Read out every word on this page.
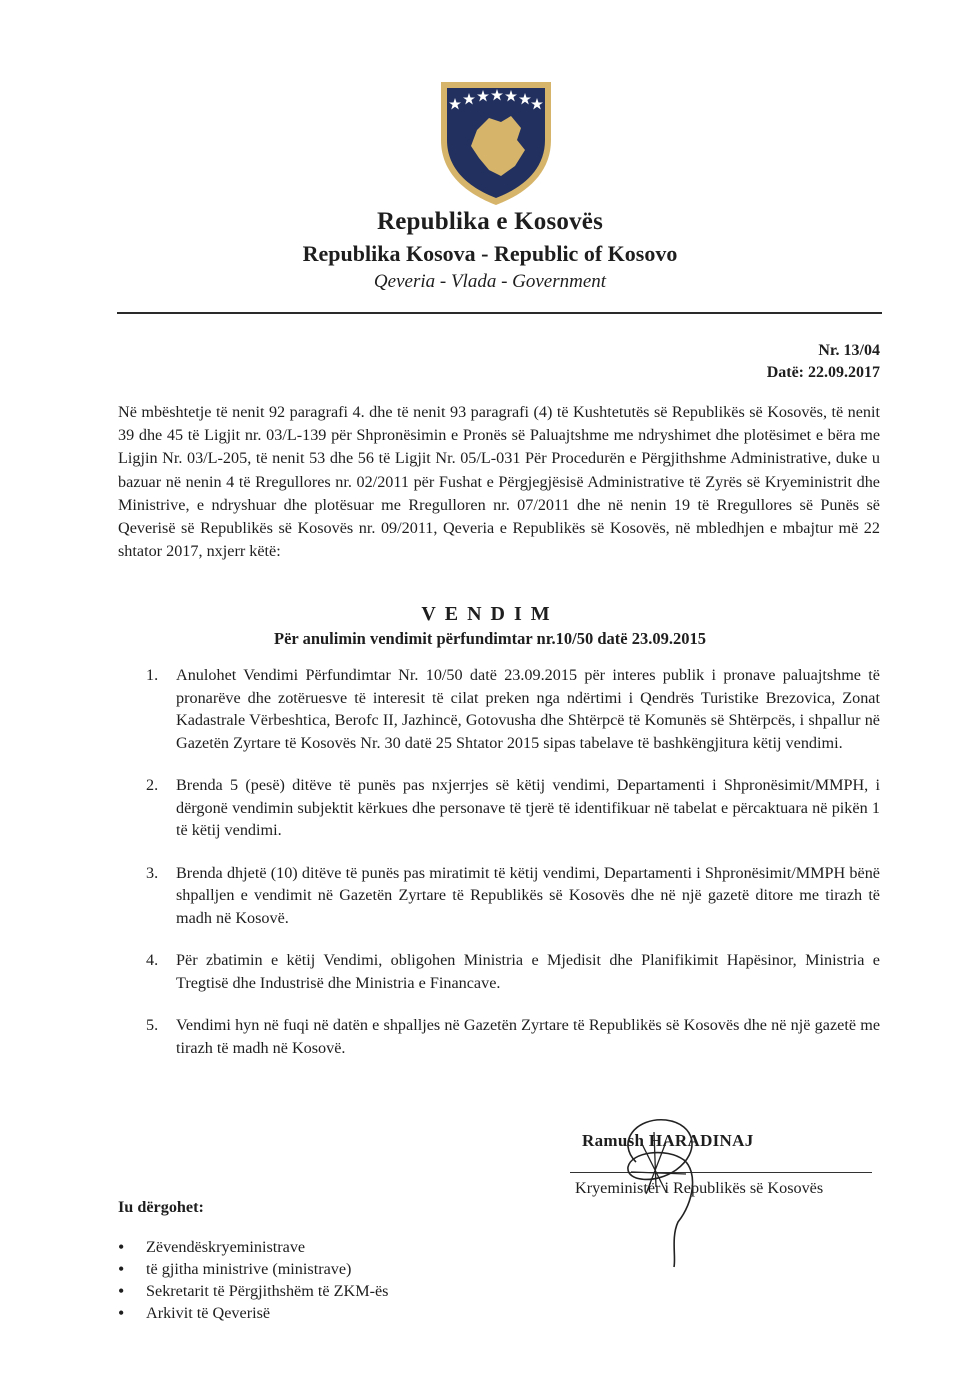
Republika e Kosovës
Republika Kosova - Republic of Kosovo
Qeveria - Vlada - Government
Nr. 13/04
Datë: 22.09.2017
Në mbështetje të nenit 92 paragrafi 4. dhe të nenit 93 paragrafi (4) të Kushtetutës së Republikës së Kosovës, të nenit 39 dhe 45 të Ligjit nr. 03/L-139 për Shpronësimin e Pronës së Paluajtshme me ndryshimet dhe plotësimet e bëra me Ligjin Nr. 03/L-205, të nenit 53 dhe 56 të Ligjit Nr. 05/L-031 Për Procedurën e Përgjithshme Administrative, duke u bazuar në nenin 4 të Rregullores nr. 02/2011 për Fushat e Përgjegjësisë Administrative të Zyrës së Kryeministrit dhe Ministrive, e ndryshuar dhe plotësuar me Rregulloren nr. 07/2011 dhe në nenin 19 të Rregullores së Punës së Qeverisë së Republikës së Kosovës nr. 09/2011, Qeveria e Republikës së Kosovës, në mbledhjen e mbajtur më 22 shtator 2017, nxjerr këtë:
VENDIM
Për anulimin vendimit përfundimtar nr.10/50 datë 23.09.2015
1. Anulohet Vendimi Përfundimtar Nr. 10/50 datë 23.09.2015 për interes publik i pronave paluajtshme të pronarëve dhe zotëruesve të interesit të cilat preken nga ndërtimi i Qendrës Turistike Brezovica, Zonat Kadastrale Vërbeshtica, Berofc II, Jazhincë, Gotovusha dhe Shtërpcë të Komunës së Shtërpcës, i shpallur në Gazetën Zyrtare të Kosovës Nr. 30 datë 25 Shtator 2015 sipas tabelave të bashkëngjitura këtij vendimi.
2. Brenda 5 (pesë) ditëve të punës pas nxjerrjes së këtij vendimi, Departamenti i Shpronësimit/MMPH, i dërgonë vendimin subjektit kërkues dhe personave të tjerë të identifikuar në tabelat e përcaktuara në pikën 1 të këtij vendimi.
3. Brenda dhjetë (10) ditëve të punës pas miratimit të këtij vendimi, Departamenti i Shpronësimit/MMPH bënë shpalljen e vendimit në Gazetën Zyrtare të Republikës së Kosovës dhe në një gazetë ditore me tirazh të madh në Kosovë.
4. Për zbatimin e këtij Vendimi, obligohen Ministria e Mjedisit dhe Planifikimit Hapësinor, Ministria e Tregtisë dhe Industrisë dhe Ministria e Financave.
5. Vendimi hyn në fuqi në datën e shpalljes në Gazetën Zyrtare të Republikës së Kosovës dhe në një gazetë me tirazh të madh në Kosovë.
Ramush HARADINAJ
Kryeministër i Republikës së Kosovës
Iu dërgohet:
• Zëvendëskryeministrave
• të gjitha ministrive (ministrave)
• Sekretarit të Përgjithshëm të ZKM-ës
• Arkivit të Qeverisë
